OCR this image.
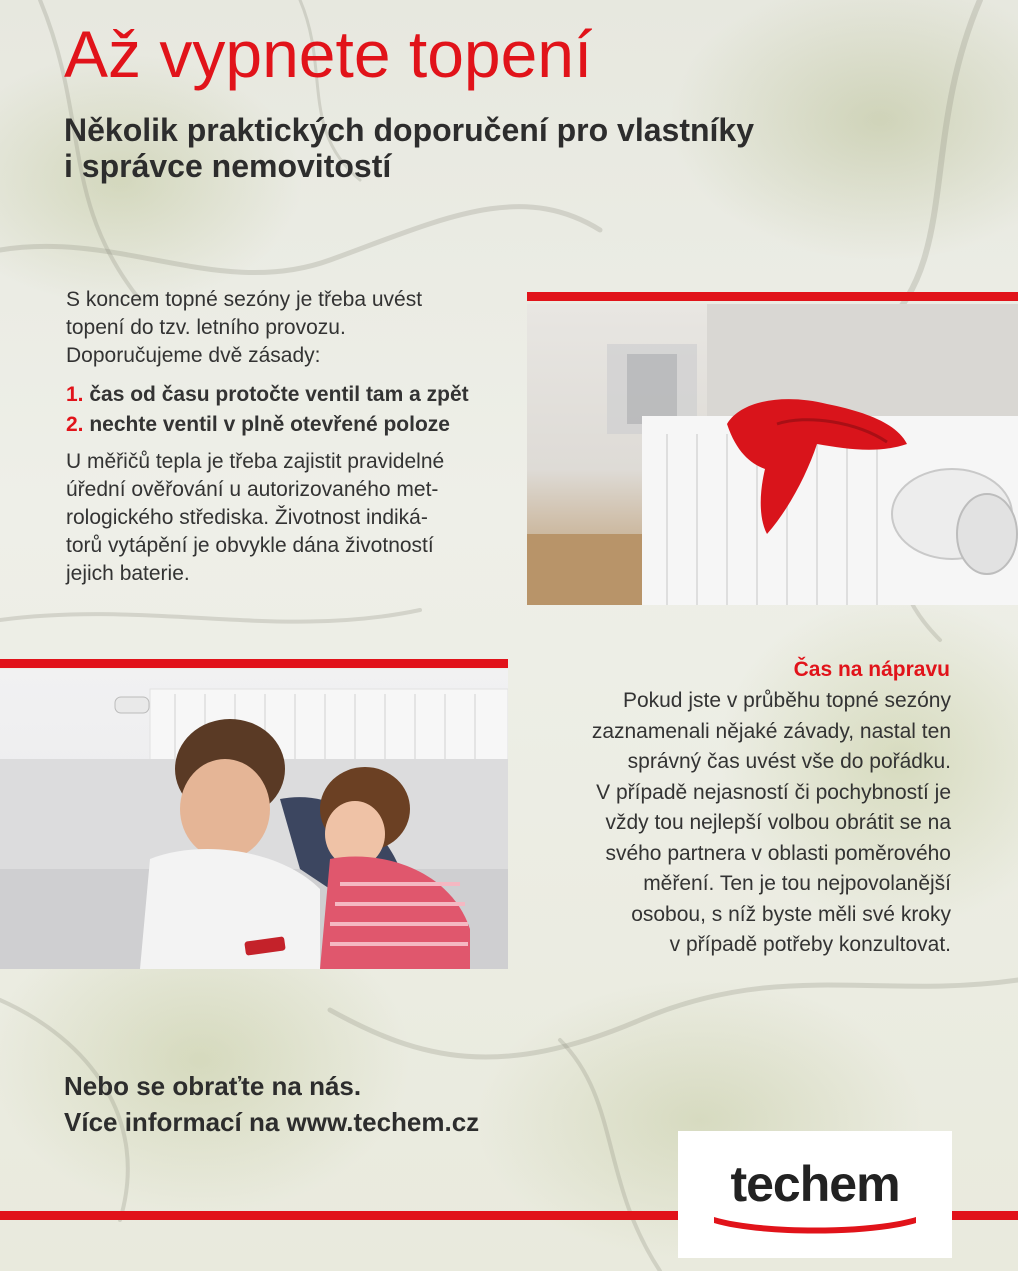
Až vypnete topení
Několik praktických doporučení pro vlastníky
i správce nemovitostí

S koncem topné sezóny je třeba uvést
topení do tzv. letního provozu.
Doporučujeme dvě zásady:

1. čas od času protočte ventil tam a zpět
2. nechte ventil v plně otevřené poloze

U měřičů tepla je třeba zajistit pravidelné
úřední ověřování u autorizovaného met-
rologického střediska. Životnost indiká-
torů vytápění je obvykle dána životností
jejich baterie.

Čas na nápravu
Pokud jste v průběhu topné sezóny
zaznamenali nějaké závady, nastal ten
správný čas uvést vše do pořádku.
V případě nejasností či pochybností je
vždy tou nejlepší volbou obrátit se na
svého partnera v oblasti poměrového
měření. Ten je tou nejpovolanější
osobou, s níž byste měli své kroky
v případě potřeby konzultovat.
Nebo se obraťte na nás.
Více informací na www.techem.cz
techem
